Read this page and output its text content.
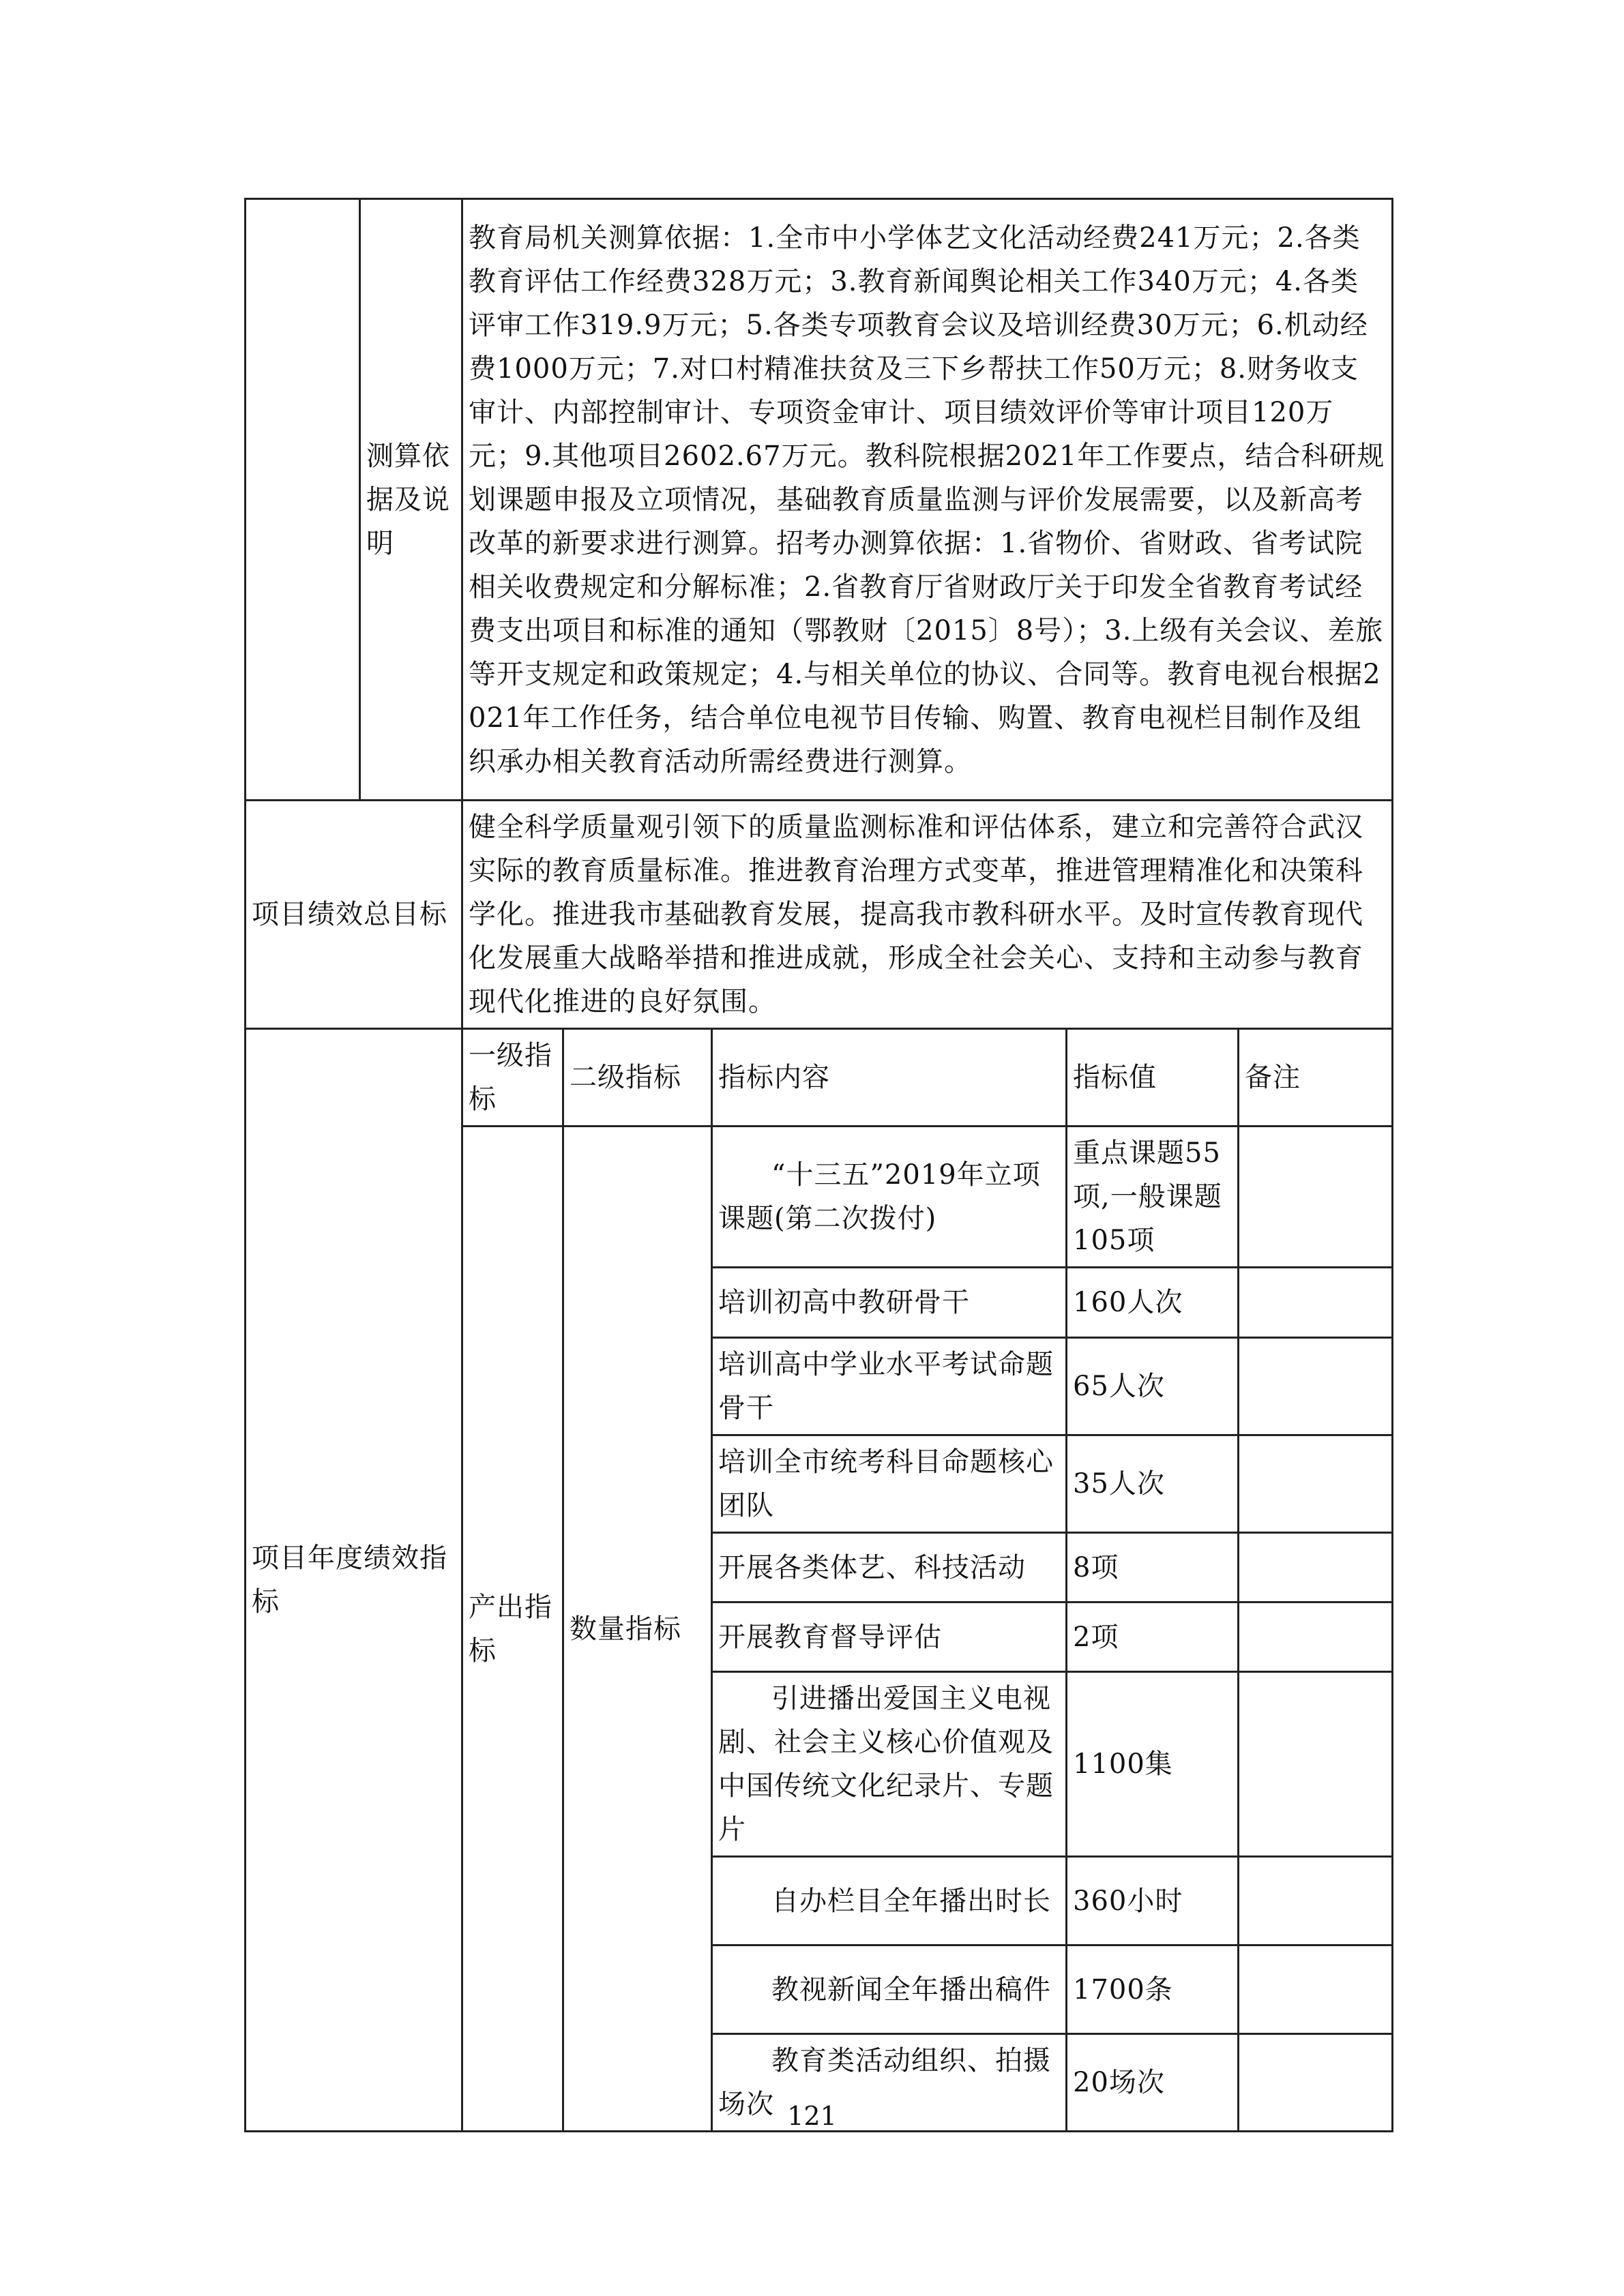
	测算依据及说明	教育局机关测算依据：1.全市中小学体艺文化活动经费241万元；2.各类教育评估工作经费328万元；3.教育新闻舆论相关工作340万元；4.各类评审工作319.9万元；5.各类专项教育会议及培训经费30万元；6.机动经费1000万元；7.对口村精准扶贫及三下乡帮扶工作50万元；8.财务收支审计、内部控制审计、专项资金审计、项目绩效评价等审计项目120万元；9.其他项目2602.67万元。教科院根据2021年工作要点，结合科研规划课题申报及立项情况，基础教育质量监测与评价发展需要，以及新高考改革的新要求进行测算。招考办测算依据：1.省物价、省财政、省考试院相关收费规定和分解标准；2.省教育厅省财政厅关于印发全省教育考试经费支出项目和标准的通知（鄂教财〔2015〕8号）；3.上级有关会议、差旅等开支规定和政策规定；4.与相关单位的协议、合同等。教育电视台根据2021年工作任务，结合单位电视节目传输、购置、教育电视栏目制作及组织承办相关教育活动所需经费进行测算。				
项目绩效总目标		健全科学质量观引领下的质量监测标准和评估体系，建立和完善符合武汉实际的教育质量标准。推进教育治理方式变革，推进管理精准化和决策科学化。推进我市基础教育发展，提高我市教科研水平。及时宣传教育现代化发展重大战略举措和推进成就，形成全社会关心、支持和主动参与教育现代化推进的良好氛围。				
项目年度绩效指标		一级指标	二级指标	指标内容	指标值	备注
		产出指标	数量指标	“十三五”2019年立项课题(第二次拨付)	重点课题55项,一般课题105项	
				培训初高中教研骨干	160人次	
				培训高中学业水平考试命题骨干	65人次	
				培训全市统考科目命题核心团队	35人次	
				开展各类体艺、科技活动	8项	
				开展教育督导评估	2项	
				引进播出爱国主义电视剧、社会主义核心价值观及中国传统文化纪录片、专题片	1100集	
				自办栏目全年播出时长	360小时	
				教视新闻全年播出稿件	1700条	
				教育类活动组织、拍摄场次	20场次	
121
